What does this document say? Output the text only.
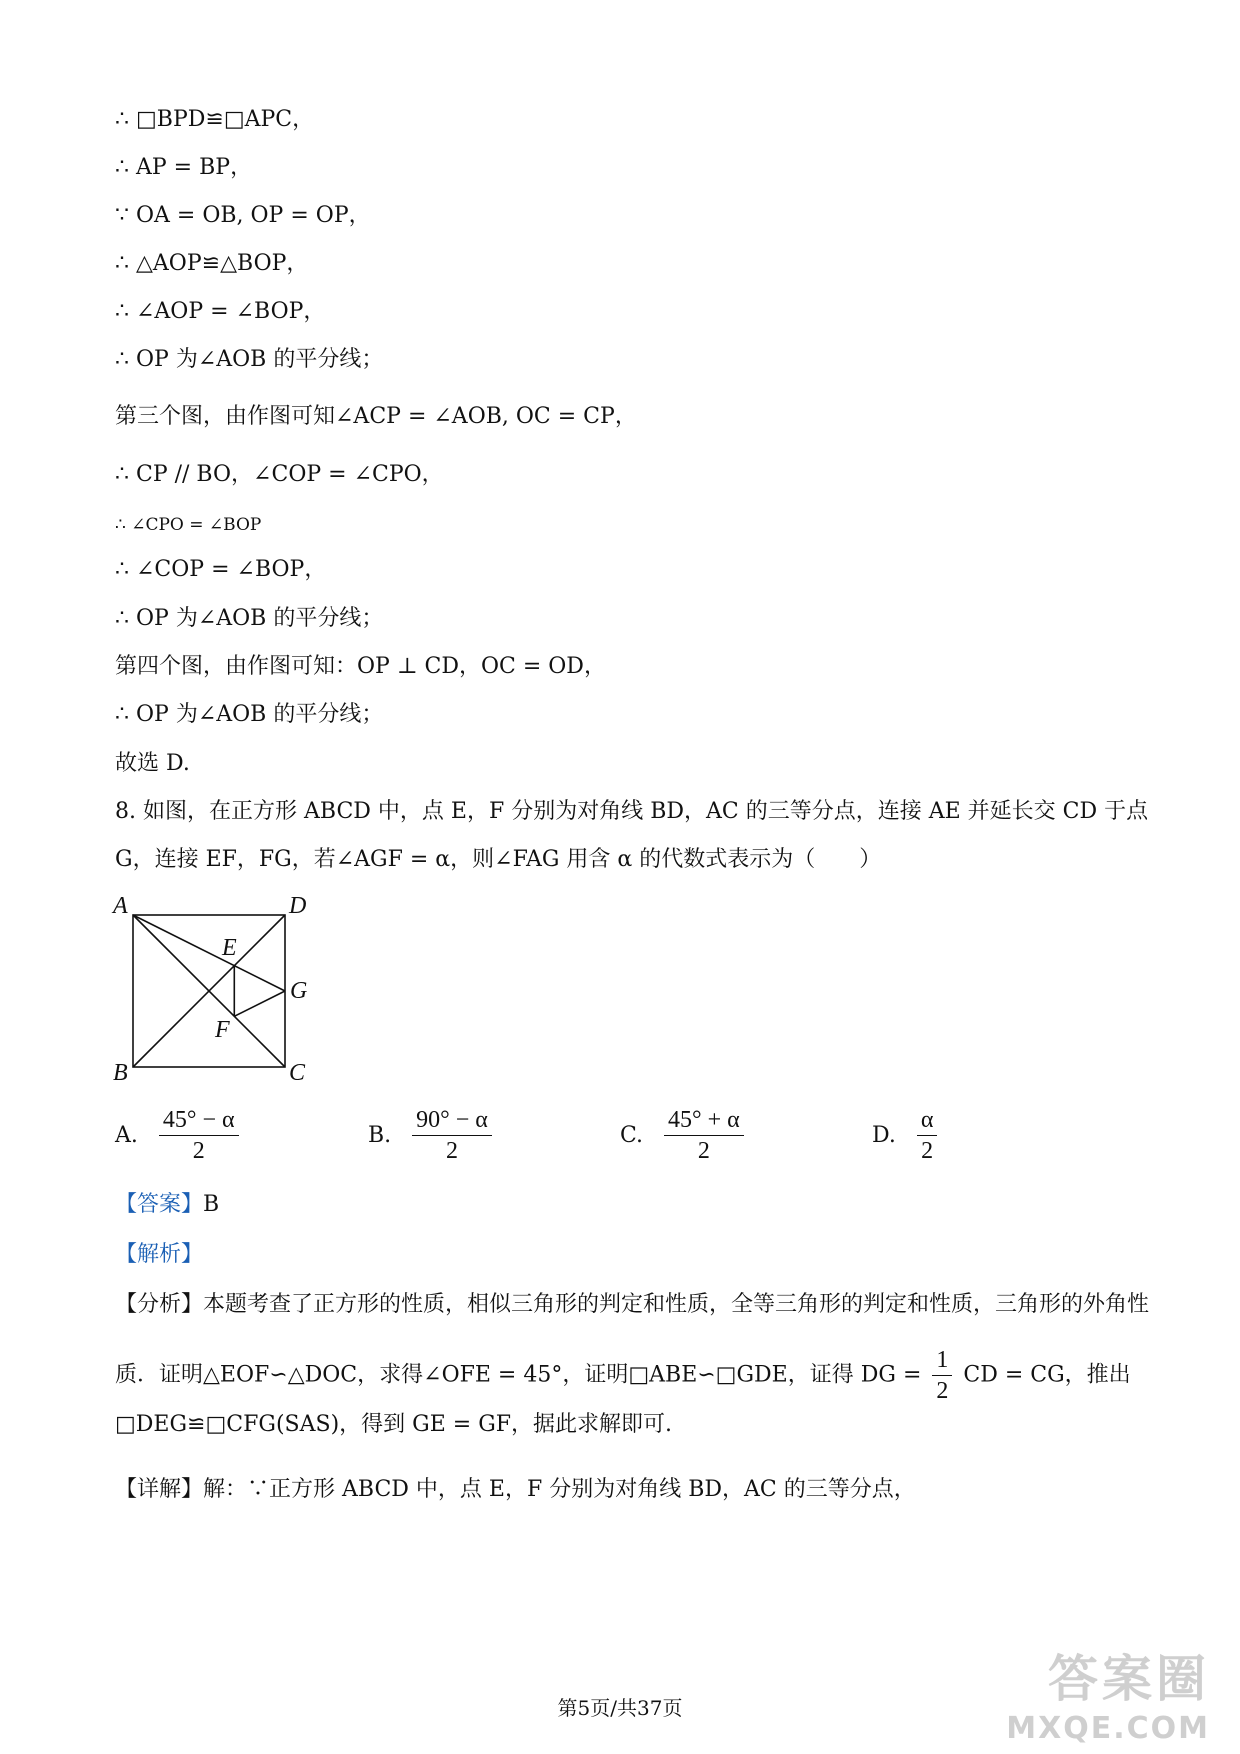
∴ □BPD≌□APC，
∴ AP = BP，
∵ OA = OB, OP = OP，
∴ △AOP≌△BOP，
∴ ∠AOP = ∠BOP，
∴ OP 为∠AOB 的平分线；
第三个图，由作图可知∠ACP = ∠AOB, OC = CP，
∴ CP // BO，∠COP = ∠CPO，
∴ ∠CPO = ∠BOP
∴ ∠COP = ∠BOP，
∴ OP 为∠AOB 的平分线；
第四个图，由作图可知：OP ⊥ CD，OC = OD，
∴ OP 为∠AOB 的平分线；
故选 D.
8. 如图，在正方形 ABCD 中，点 E，F 分别为对角线 BD，AC 的三等分点，连接 AE 并延长交 CD 于点
G，连接 EF，FG，若∠AGF = α，则∠FAG 用含 α 的代数式表示为（　　）
A	D
B	C
E
F
G
A. $\frac{45^\circ - \alpha}{2}$	B. $\frac{90^\circ - \alpha}{2}$	C. $\frac{45^\circ + \alpha}{2}$	D. $\frac{\alpha}{2}$
【答案】B
【解析】
【分析】本题考查了正方形的性质，相似三角形的判定和性质，全等三角形的判定和性质，三角形的外角性
质．证明△EOF∽△DOC，求得∠OFE = 45°，证明□ABE∽□GDE，证得 DG = $\frac{1}{2}$ CD = CG，推出
□DEG≌□CFG(SAS)，得到 GE = GF，据此求解即可.
【详解】解：∵正方形 ABCD 中，点 E，F 分别为对角线 BD，AC 的三等分点，
第5页/共37页	答案圈
MXQE.COM
